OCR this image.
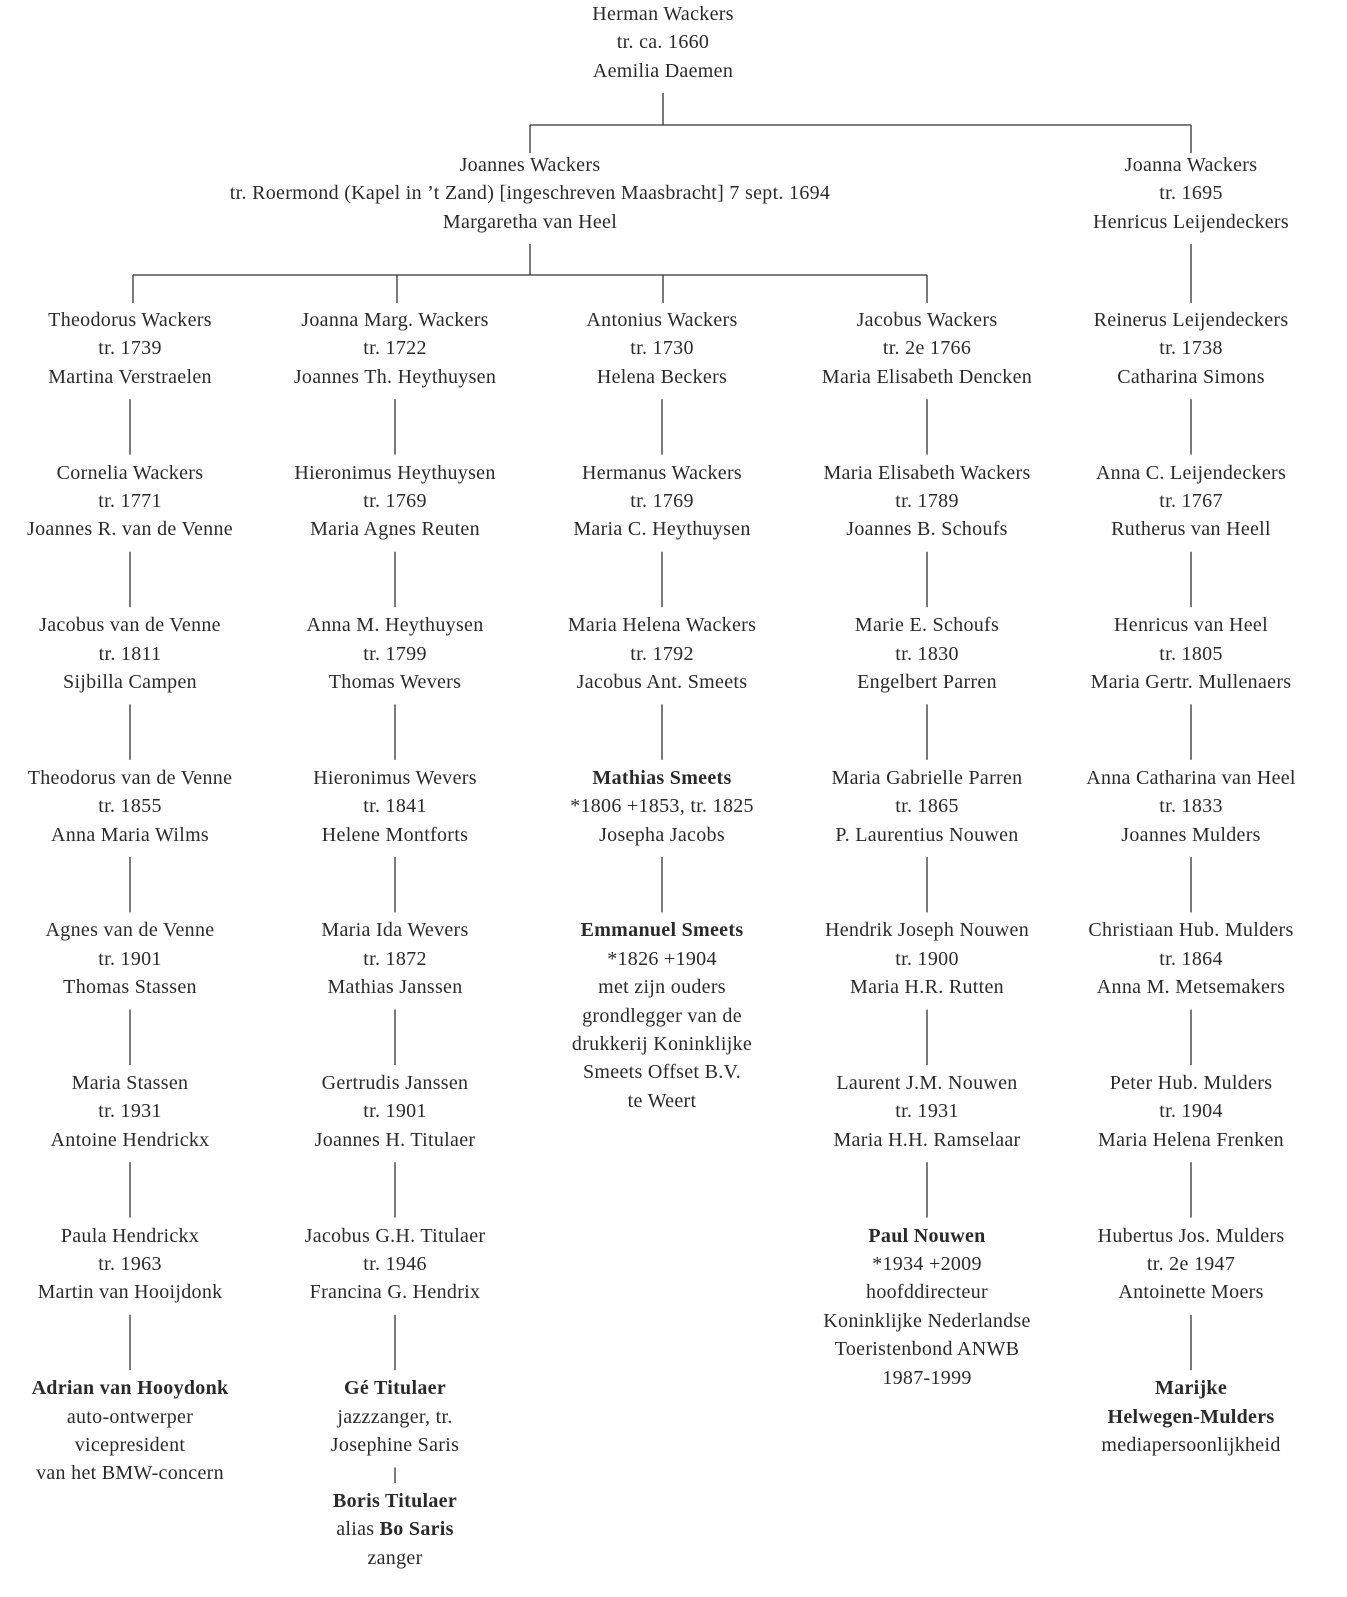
Herman Wackers
tr. ca. 1660
Aemilia Daemen
Joannes Wackers
tr. Roermond (Kapel in ’t Zand) [ingeschreven Maasbracht] 7 sept. 1694
Margaretha van Heel
Joanna Wackers
tr. 1695
Henricus Leijendeckers
Theodorus Wackers
tr. 1739
Martina Verstraelen
Cornelia Wackers
tr. 1771
Joannes R. van de Venne
Jacobus van de Venne
tr. 1811
Sijbilla Campen
Theodorus van de Venne
tr. 1855
Anna Maria Wilms
Agnes van de Venne
tr. 1901
Thomas Stassen
Maria Stassen
tr. 1931
Antoine Hendrickx
Paula Hendrickx
tr. 1963
Martin van Hooijdonk
Adrian van Hooydonk
auto-ontwerper
vicepresident
van het BMW-concern
Joanna Marg. Wackers
tr. 1722
Joannes Th. Heythuysen
Hieronimus Heythuysen
tr. 1769
Maria Agnes Reuten
Anna M. Heythuysen
tr. 1799
Thomas Wevers
Hieronimus Wevers
tr. 1841
Helene Montforts
Maria Ida Wevers
tr. 1872
Mathias Janssen
Gertrudis Janssen
tr. 1901
Joannes H. Titulaer
Jacobus G.H. Titulaer
tr. 1946
Francina G. Hendrix
Gé Titulaer
jazzzanger, tr.
Josephine Saris
Boris Titulaer
alias Bo Saris
zanger
Antonius Wackers
tr. 1730
Helena Beckers
Hermanus Wackers
tr. 1769
Maria C. Heythuysen
Maria Helena Wackers
tr. 1792
Jacobus Ant. Smeets
Mathias Smeets
*1806 +1853, tr. 1825
Josepha Jacobs
Emmanuel Smeets
*1826 +1904
met zijn ouders
grondlegger van de
drukkerij Koninklijke
Smeets Offset B.V.
te Weert
Jacobus Wackers
tr. 2e 1766
Maria Elisabeth Dencken
Maria Elisabeth Wackers
tr. 1789
Joannes B. Schoufs
Marie E. Schoufs
tr. 1830
Engelbert Parren
Maria Gabrielle Parren
tr. 1865
P. Laurentius Nouwen
Hendrik Joseph Nouwen
tr. 1900
Maria H.R. Rutten
Laurent J.M. Nouwen
tr. 1931
Maria H.H. Ramselaar
Paul Nouwen
*1934 +2009
hoofddirecteur
Koninklijke Nederlandse
Toeristenbond ANWB
1987-1999
Reinerus Leijendeckers
tr. 1738
Catharina Simons
Anna C. Leijendeckers
tr. 1767
Rutherus van Heell
Henricus van Heel
tr. 1805
Maria Gertr. Mullenaers
Anna Catharina van Heel
tr. 1833
Joannes Mulders
Christiaan Hub. Mulders
tr. 1864
Anna M. Metsemakers
Peter Hub. Mulders
tr. 1904
Maria Helena Frenken
Hubertus Jos. Mulders
tr. 2e 1947
Antoinette Moers
Marijke
Helwegen-Mulders
mediapersoonlijkheid
